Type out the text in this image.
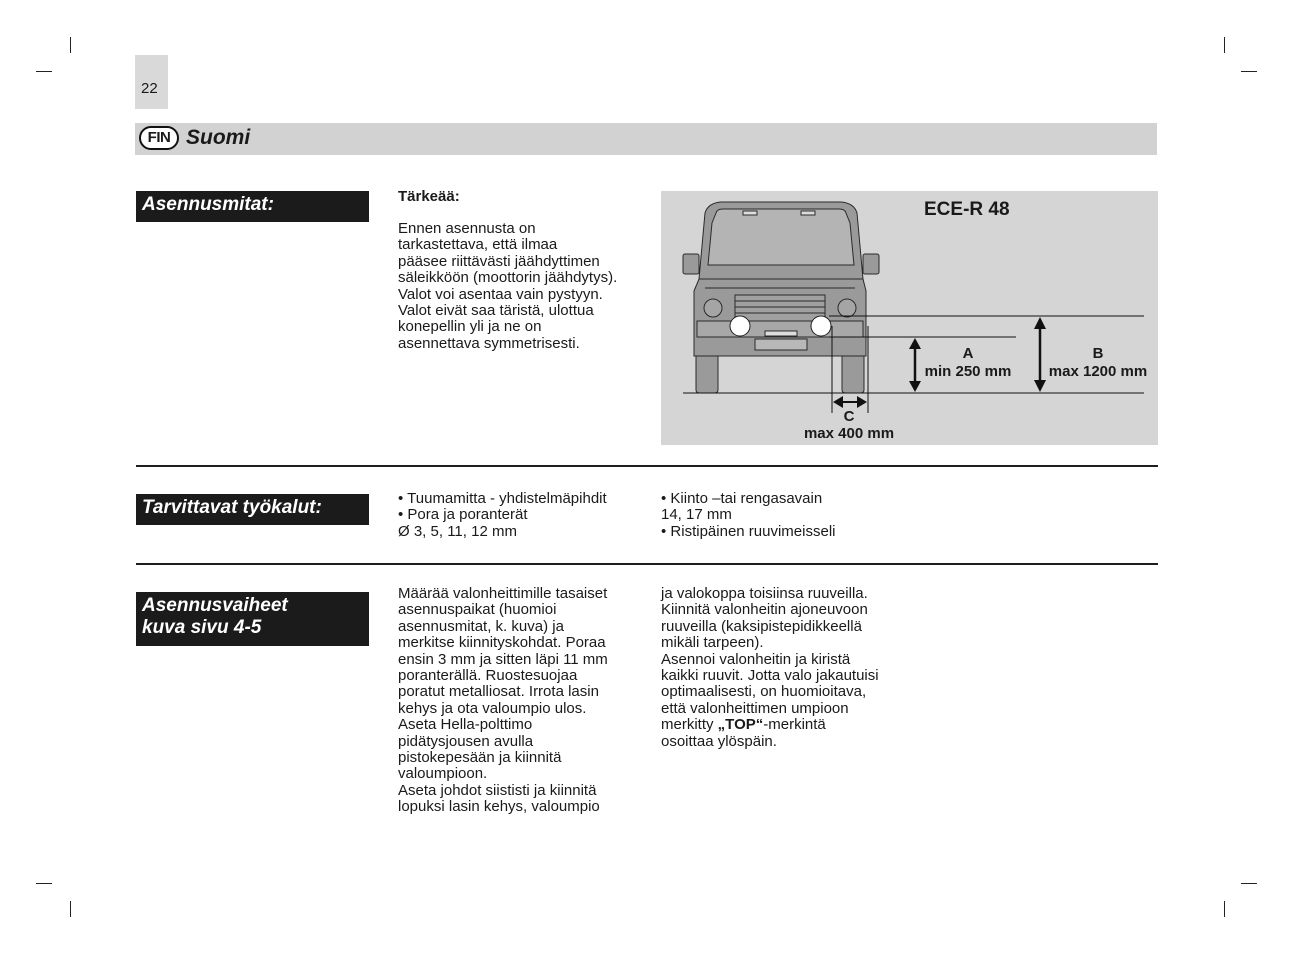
22
FIN Suomi
Asennusmitat:	Tärkeää:
Ennen asennusta on
tarkastettava, että ilmaa
pääsee riittävästi jäähdyttimen
säleikköön (moottorin jäähdytys).
Valot voi asentaa vain pystyyn.
Valot eivät saa täristä, ulottua
konepellin yli ja ne on
asennettava symmetrisesti.
ECE-R 48
A
min 250 mm
B
max 1200 mm
C
max 400 mm
Tarvittavat työkalut:	• Tuumamitta - yhdistelmäpihdit
• Pora ja poranterät
Ø 3, 5, 11, 12 mm
• Kiinto –tai rengasavain
14, 17 mm
• Ristipäinen ruuvimeisseli
Asennusvaiheet
kuva sivu 4-5
Määrää valonheittimille tasaiset
asennuspaikat (huomioi
asennusmitat, k. kuva) ja
merkitse kiinnityskohdat. Poraa
ensin 3 mm ja sitten läpi 11 mm
poranterällä. Ruostesuojaa
poratut metalliosat. Irrota lasin
kehys ja ota valoumpio ulos.
Aseta Hella-polttimo
pidätysjousen avulla
pistokepesään ja kiinnitä
valoumpioon.
Aseta johdot siististi ja kiinnitä
lopuksi lasin kehys, valoumpio
ja valokoppa toisiinsa ruuveilla.
Kiinnitä valonheitin ajoneuvoon
ruuveilla (kaksipistepidikkeellä
mikäli tarpeen).
Asennoi valonheitin ja kiristä
kaikki ruuvit. Jotta valo jakautuisi
optimaalisesti, on huomioitava,
että valonheittimen umpioon
merkitty „TOP“-merkintä
osoittaa ylöspäin.
